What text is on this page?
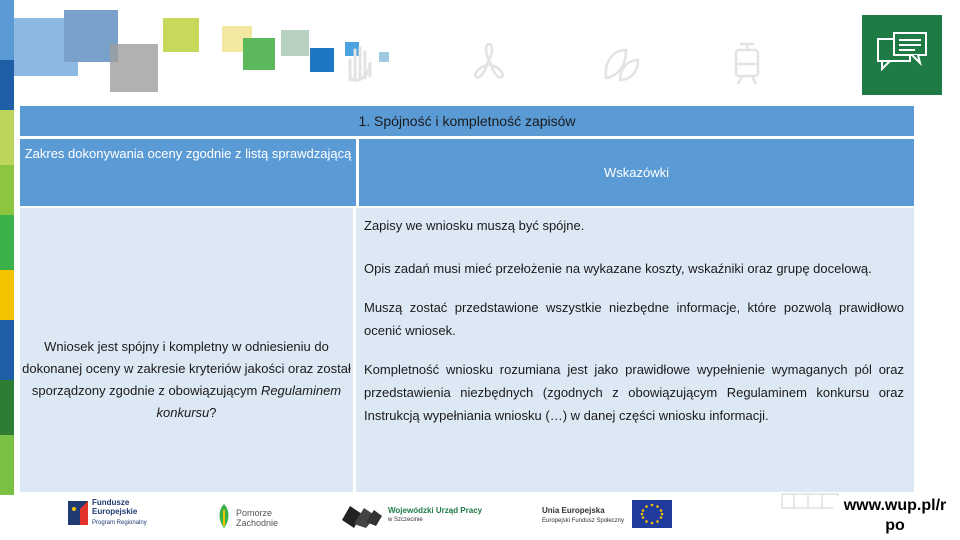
1. Spójność i kompletność zapisów
Zakres dokonywania oceny zgodnie z listą sprawdzającą
Wskazówki
Wniosek jest spójny i kompletny w odniesieniu do dokonanej oceny w zakresie kryteriów jakości oraz został sporządzony zgodnie z obowiązującym Regulaminem konkursu?

Zapisy we wniosku muszą być spójne.

Opis zadań musi mieć przełożenie na wykazane koszty, wskaźniki oraz grupę docelową.

Muszą zostać przedstawione wszystkie niezbędne informacje, które pozwolą prawidłowo ocenić wniosek.

Kompletność wniosku rozumiana jest jako prawidłowe wypełnienie wymaganych pól oraz przedstawienia niezbędnych (zgodnych z obowiązującym Regulaminem konkursu oraz Instrukcją wypełniania wniosku (…) w danej części wniosku informacji.

Fundusze
Europejskie
Program Regionalny
Pomorze
Zachodnie
Wojewódzki Urząd Pracy
w Szczecinie
Unia Europejska
Europejski Fundusz Społeczny
www.wup.pl/r po
